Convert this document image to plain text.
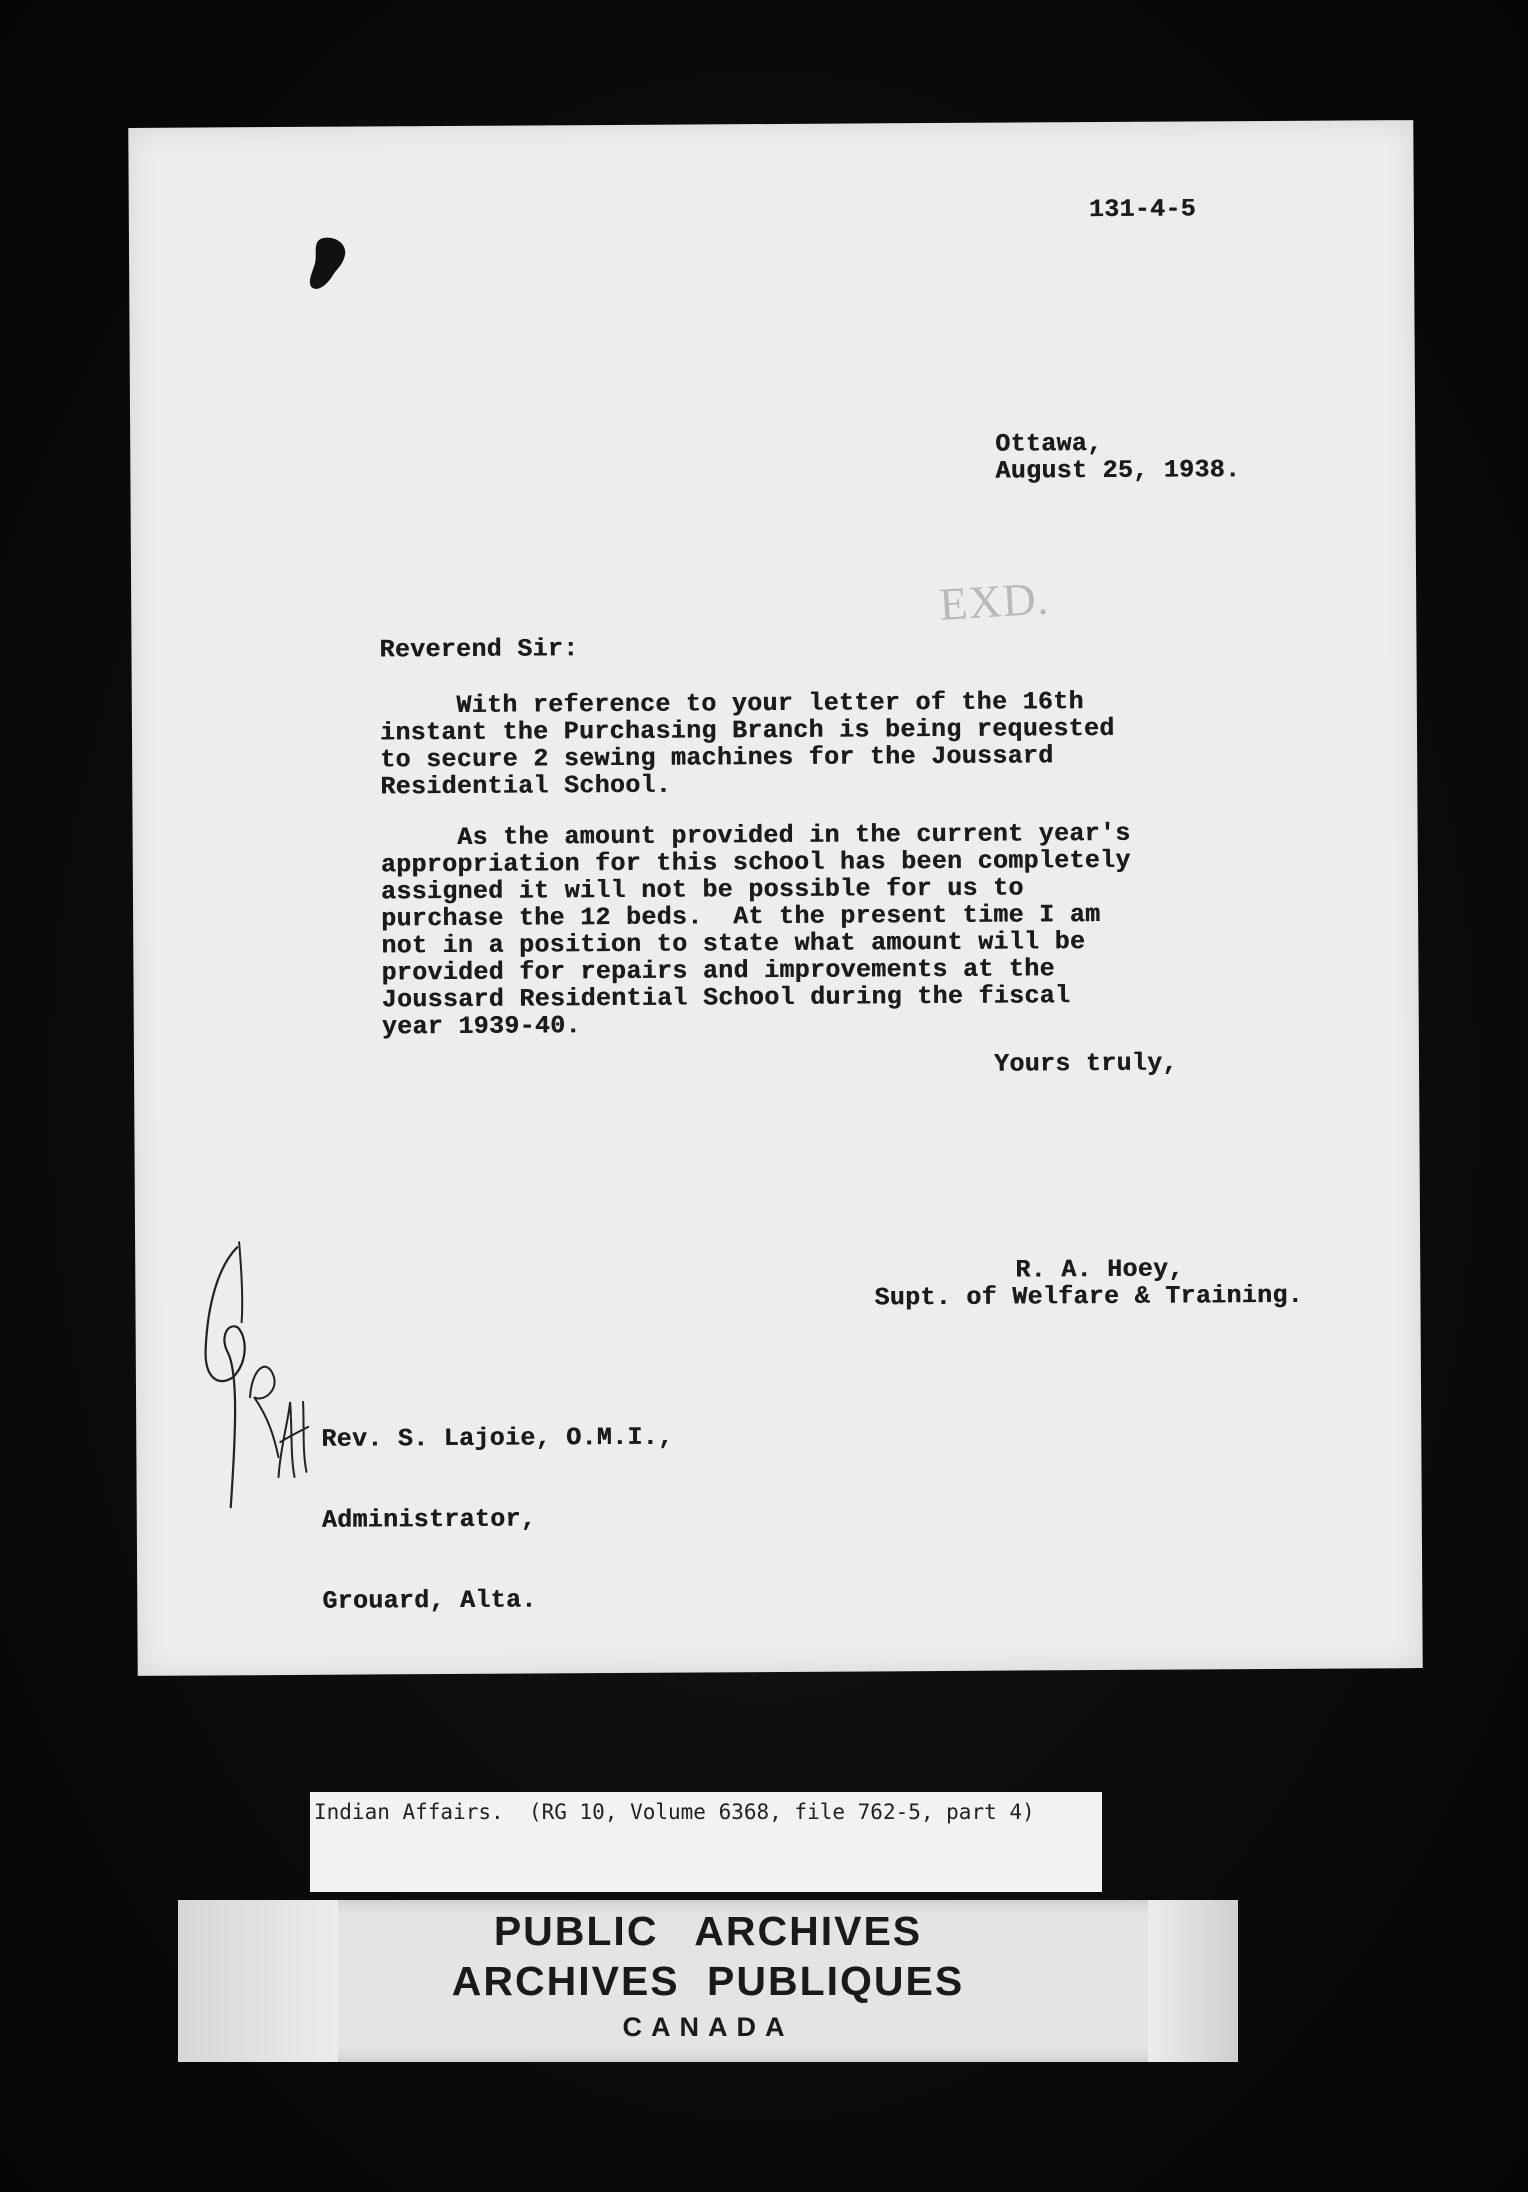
131-4-5
Ottawa,
August 25, 1938.
EXD.
Reverend Sir:
With reference to your letter of the 16th
instant the Purchasing Branch is being requested
to secure 2 sewing machines for the Joussard
Residential School.
As the amount provided in the current year's
appropriation for this school has been completely
assigned it will not be possible for us to
purchase the 12 beds.  At the present time I am
not in a position to state what amount will be
provided for repairs and improvements at the
Joussard Residential School during the fiscal
year 1939-40.
Yours truly,
R. A. Hoey,
Supt. of Welfare & Training.

Rev. S. Lajoie, O.M.I.,

Administrator,

Grouard, Alta.

Indian Affairs.  (RG 10, Volume 6368, file 762-5, part 4)
PUBLIC ARCHIVES
ARCHIVES PUBLIQUES
CANADA
